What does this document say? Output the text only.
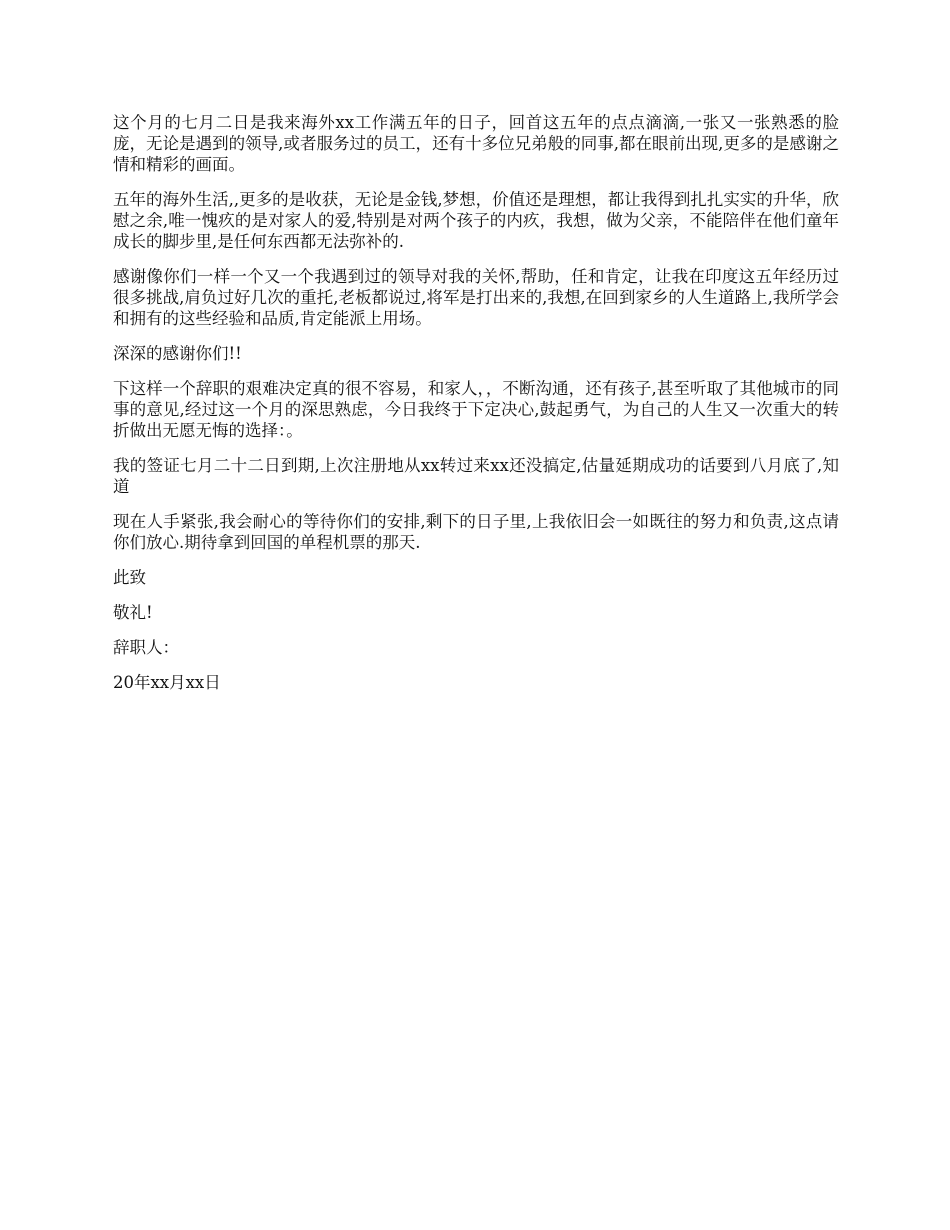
这个月的七月二日是我来海外xx工作满五年的日子，回首这五年的点点滴滴,一张又一张熟悉的脸庞，无论是遇到的领导,或者服务过的员工，还有十多位兄弟般的同事,都在眼前出现,更多的是感谢之情和精彩的画面。

五年的海外生活,,更多的是收获，无论是金钱,梦想，价值还是理想，都让我得到扎扎实实的升华，欣慰之余,唯一愧疚的是对家人的爱,特别是对两个孩子的内疚，我想，做为父亲，不能陪伴在他们童年成长的脚步里,是任何东西都无法弥补的.

感谢像你们一样一个又一个我遇到过的领导对我的关怀,帮助，任和肯定，让我在印度这五年经历过很多挑战,肩负过好几次的重托,老板都说过,将军是打出来的,我想,在回到家乡的人生道路上,我所学会和拥有的这些经验和品质,肯定能派上用场。

深深的感谢你们!!

下这样一个辞职的艰难决定真的很不容易，和家人，，不断沟通，还有孩子,甚至听取了其他城市的同事的意见,经过这一个月的深思熟虑，今日我终于下定决心,鼓起勇气，为自己的人生又一次重大的转折做出无愿无悔的选择：。

我的签证七月二十二日到期,上次注册地从xx转过来xx还没搞定,估量延期成功的话要到八月底了,知道

现在人手紧张,我会耐心的等待你们的安排,剩下的日子里,上我依旧会一如既往的努力和负责,这点请你们放心.期待拿到回国的单程机票的那天.

此致

敬礼!

辞职人：

20年xx月xx日
